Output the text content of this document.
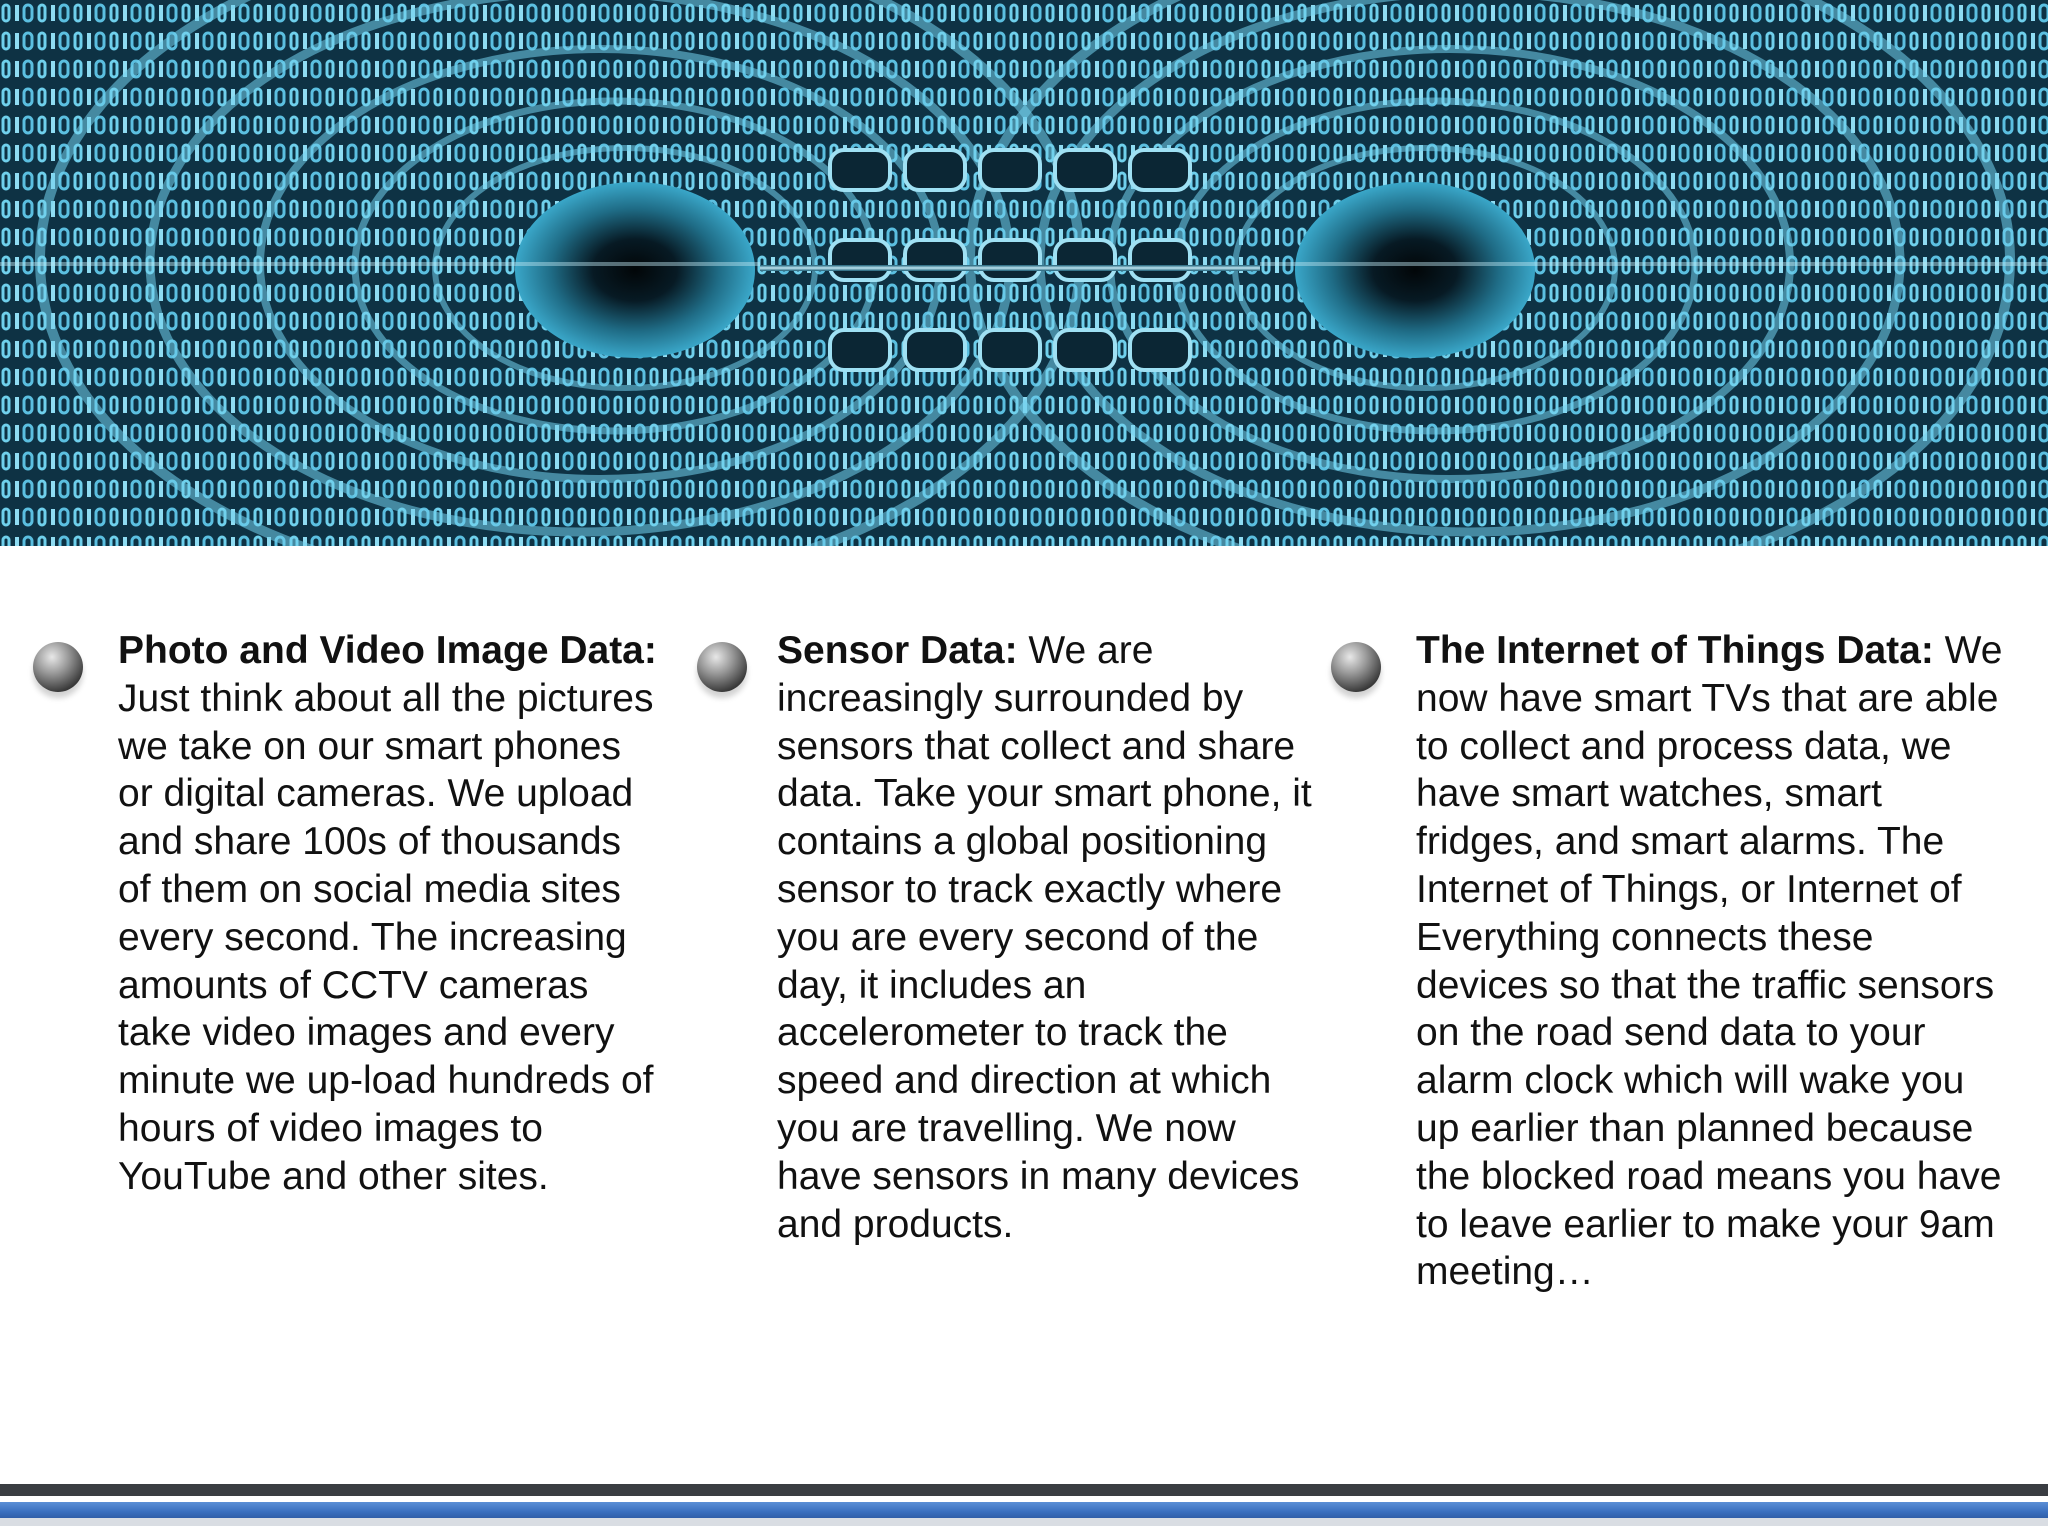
Photo and Video Image Data: Just think about all the pictures we take on our smart phones or digital cameras. We upload and share 100s of thousands of them on social media sites every second. The increasing amounts of CCTV cameras take video images and every minute we up-load hundreds of hours of video images to YouTube and other sites.

Sensor Data: We are increasingly surrounded by sensors that collect and share data. Take your smart phone, it contains a global positioning sensor to track exactly where you are every second of the day, it includes an accelerometer to track the speed and direction at which you are travelling. We now have sensors in many devices and products.

The Internet of Things Data: We now have smart TVs that are able to collect and process data, we have smart watches, smart fridges, and smart alarms. The Internet of Things, or Internet of Everything connects these devices so that the traffic sensors on the road send data to your alarm clock which will wake you up earlier than planned because the blocked road means you have to leave earlier to make your 9am meeting…
